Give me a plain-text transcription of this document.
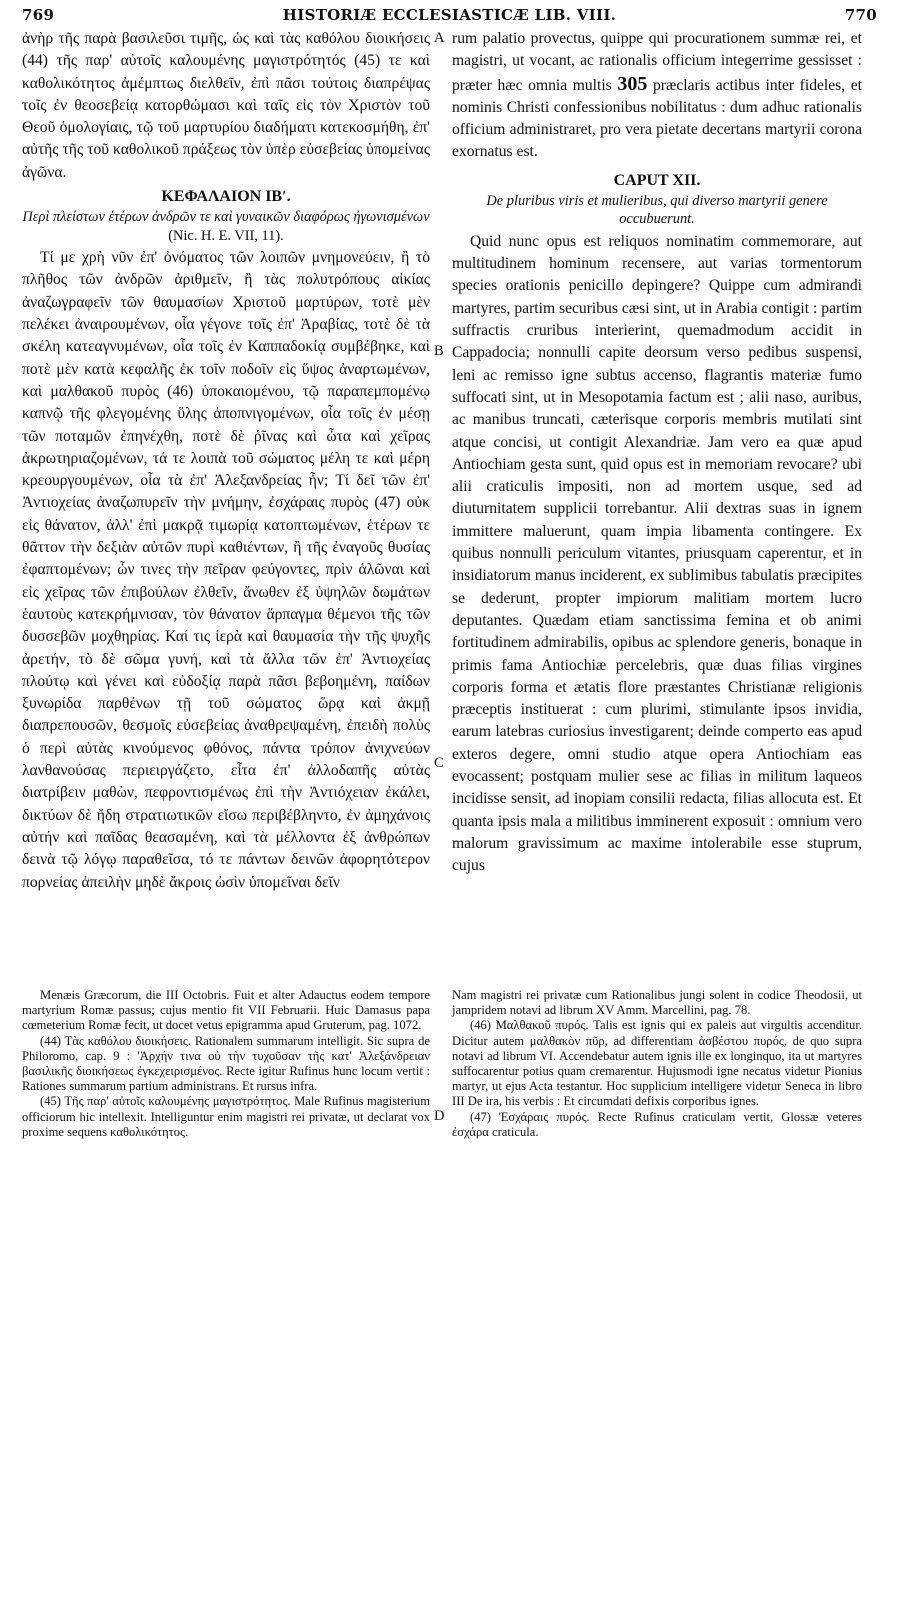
769	HISTORIÆ ECCLESIASTICÆ LIB. VIII.	770

ἀνὴρ τῆς παρὰ βασιλεῦσι τιμῆς, ὡς καὶ τὰς καθόλου διοικήσεις (44) τῆς παρ' αὐτοῖς καλουμένης μαγιστρότητός (45) τε καὶ καθολικότητος ἀμέμπτως διελθεῖν, ἐπὶ πᾶσι τούτοις διαπρέψας τοῖς ἐν θεοσεβείᾳ κατορθώμασι καὶ ταῖς εἰς τὸν Χριστὸν τοῦ Θεοῦ ὁμολογίαις, τῷ τοῦ μαρτυρίου διαδήματι κατεκοσμήθη, ἐπ' αὐτῆς τῆς τοῦ καθολικοῦ πράξεως τὸν ὑπὲρ εὐσεβείας ὑπομείνας ἀγῶνα.

ΚΕΦΑΛΑΙΟΝ ΙΒʹ.
Περὶ πλείστων ἑτέρων ἀνδρῶν τε καὶ γυναικῶν διαφόρως ἠγωνισμένων (Nic. H. E. VII, 11).

Τί με χρὴ νῦν ἐπ' ὀνόματος τῶν λοιπῶν μνημονεύειν, ἢ τὸ πλῆθος τῶν ἀνδρῶν ἀριθμεῖν, ἢ τὰς πολυτρόπους αἰκίας ἀναζωγραφεῖν τῶν θαυμασίων Χριστοῦ μαρτύρων, τοτὲ μὲν πελέκει ἀναιρουμένων, οἷα γέγονε τοῖς ἐπ' Ἀραβίας, τοτὲ δὲ τὰ σκέλη κατεαγνυμένων, οἷα τοῖς ἐν Καππαδοκίᾳ συμβέβηκε, καὶ ποτὲ μὲν κατὰ κεφαλῆς ἐκ τοῖν ποδοῖν εἰς ὕψος ἀναρτωμένων, καὶ μαλθακοῦ πυρὸς (46) ὑποκαιομένου, τῷ παραπεμπομένῳ καπνῷ τῆς φλεγομένης ὕλης ἀποπνιγομένων, οἷα τοῖς ἐν μέσῃ τῶν ποταμῶν ἐπηνέχθη, ποτὲ δὲ ῥῖνας καὶ ὦτα καὶ χεῖρας ἀκρωτηριαζομένων, τά τε λοιπὰ τοῦ σώματος μέλη τε καὶ μέρη κρεουργουμένων, οἷα τὰ ἐπ' Ἀλεξανδρείας ἦν; Τί δεῖ τῶν ἐπ' Ἀντιοχείας ἀναζωπυρεῖν τὴν μνήμην, ἐσχάραις πυρὸς (47) οὐκ εἰς θάνατον, ἀλλ' ἐπὶ μακρᾷ τιμωρίᾳ κατοπτωμένων, ἑτέρων τε θᾶττον τὴν δεξιὰν αὐτῶν πυρὶ καθιέντων, ἢ τῆς ἐναγοῦς θυσίας ἐφαπτομένων; ὧν τινες τὴν πεῖραν φεύγοντες, πρὶν ἁλῶναι καὶ εἰς χεῖρας τῶν ἐπιβούλων ἐλθεῖν, ἄνωθεν ἐξ ὑψηλῶν δωμάτων ἑαυτοὺς κατεκρήμνισαν, τὸν θάνατον ἅρπαγμα θέμενοι τῆς τῶν δυσσεβῶν μοχθηρίας. Καί τις ἱερὰ καὶ θαυμασία τὴν τῆς ψυχῆς ἀρετήν, τὸ δὲ σῶμα γυνή, καὶ τὰ ἄλλα τῶν ἐπ' Ἀντιοχείας πλούτῳ καὶ γένει καὶ εὐδοξίᾳ παρὰ πᾶσι βεβοημένη, παίδων ξυνωρίδα παρθένων τῇ τοῦ σώματος ὥρᾳ καὶ ἀκμῇ διαπρεπουσῶν, θεσμοῖς εὐσεβείας ἀναθρεψαμένη, ἐπειδὴ πολὺς ὁ περὶ αὐτὰς κινούμενος φθόνος, πάντα τρόπον ἀνιχνεύων λανθανούσας περιειργάζετο, εἶτα ἐπ' ἀλλοδαπῆς αὐτὰς διατρίβειν μαθὼν, πεφροντισμένως ἐπὶ τὴν Ἀντιόχειαν ἐκάλει, δικτύων δὲ ἤδη στρατιωτικῶν εἴσω περιβέβληντο, ἐν ἀμηχάνοις αὐτήν καὶ παῖδας θεασαμένη, καὶ τὰ μέλλοντα ἐξ ἀνθρώπων δεινὰ τῷ λόγῳ παραθεῖσα, τό τε πάντων δεινῶν ἀφορητότερον πορνείας ἀπειλὴν μηδὲ ἄκροις ὠσὶν ὑπομεῖναι δεῖν

A
B
C
D

rum palatio provectus, quippe qui procurationem summæ rei, et magistri, ut vocant, ac rationalis officium integerrime gessisset : præter hæc omnia multis 305 præclaris actibus inter fideles, et nominis Christi confessionibus nobilitatus : dum adhuc rationalis officium administraret, pro vera pietate decertans martyrii corona exornatus est.

CAPUT XII.
De pluribus viris et mulieribus, qui diverso martyrii genere occubuerunt.

Quid nunc opus est reliquos nominatim commemorare, aut multitudinem hominum recensere, aut varias tormentorum species orationis penicillo depingere? Quippe cum admirandi martyres, partim securibus cæsi sint, ut in Arabia contigit : partim suffractis cruribus interierint, quemadmodum accidit in Cappadocia; nonnulli capite deorsum verso pedibus suspensi, leni ac remisso igne subtus accenso, flagrantis materiæ fumo suffocati sint, ut in Mesopotamia factum est ; alii naso, auribus, ac manibus truncati, cæterisque corporis membris mutilati sint atque concisi, ut contigit Alexandriæ. Jam vero ea quæ apud Antiochiam gesta sunt, quid opus est in memoriam revocare? ubi alii craticulis impositi, non ad mortem usque, sed ad diuturnitatem supplicii torrebantur. Alii dextras suas in ignem immittere maluerunt, quam impia libamenta contingere. Ex quibus nonnulli periculum vitantes, priusquam caperentur, et in insidiatorum manus inciderent, ex sublimibus tabulatis præcipites se dederunt, propter impiorum malitiam mortem lucro deputantes. Quædam etiam sanctissima femina et ob animi fortitudinem admirabilis, opibus ac splendore generis, bonaque in primis fama Antiochiæ percelebris, quæ duas filias virgines corporis forma et ætatis flore præstantes Christianæ religionis præceptis instituerat : cum plurimi, stimulante ipsos invidia, earum latebras curiosius investigarent; deinde comperto eas apud exteros degere, omni studio atque opera Antiochiam eas evocassent; postquam mulier sese ac filias in militum laqueos incidisse sensit, ad inopiam consilii redacta, filias allocuta est. Et quanta ipsis mala a militibus imminerent exposuit : omnium vero malorum gravissimum ac maxime intolerabile esse stuprum, cujus

Menæis Græcorum, die III Octobris. Fuit et alter Adauctus eodem tempore martyrium Romæ passus; cujus mentio fit VII Februarii. Huic Damasus papa cœmeterium Romæ fecit, ut docet vetus epigramma apud Gruterum, pag. 1072.

(44) Τὰς καθόλου διοικήσεις. Rationalem summarum intelligit. Sic supra de Philoromo, cap. 9 : 'Ἀρχήν τινα οὐ τὴν τυχοῦσαν τῆς κατ' Ἀλεξάνδρειαν βασιλικῆς διοικήσεως ἐγκεχειρισμένος. Recte igitur Rufinus hunc locum vertit : Rationes summarum partium administrans. Et rursus infra.

(45) Τῆς παρ' αὐτοῖς καλουμένης μαγιστρότητος. Male Rufinus magisterium officiorum hic intellexit. Intelliguntur enim magistri rei privatæ, ut declarat vox proxime sequens καθολικότητος.

Nam magistri rei privatæ cum Rationalibus jungi solent in codice Theodosii, ut jampridem notavi ad librum XV Amm. Marcellini, pag. 78.

(46) Μαλθακοῦ πυρός. Talis est ignis qui ex paleis aut virgultis accenditur. Dicitur autem μαλθακὸν πῦρ, ad differentiam ἀσβέστου πυρός, de quo supra notavi ad librum VI. Accendebatur autem ignis ille ex longinquo, ita ut martyres suffocarentur potius quam cremarentur. Hujusmodi igne necatus videtur Pionius martyr, ut ejus Acta testantur. Hoc supplicium intelligere videtur Seneca in libro III De ira, his verbis : Et circumdati defixis corporibus ignes.

(47) Ἐσχάραις πυρός. Recte Rufinus craticulam vertit, Glossæ veteres ἐσχάρα craticula.
